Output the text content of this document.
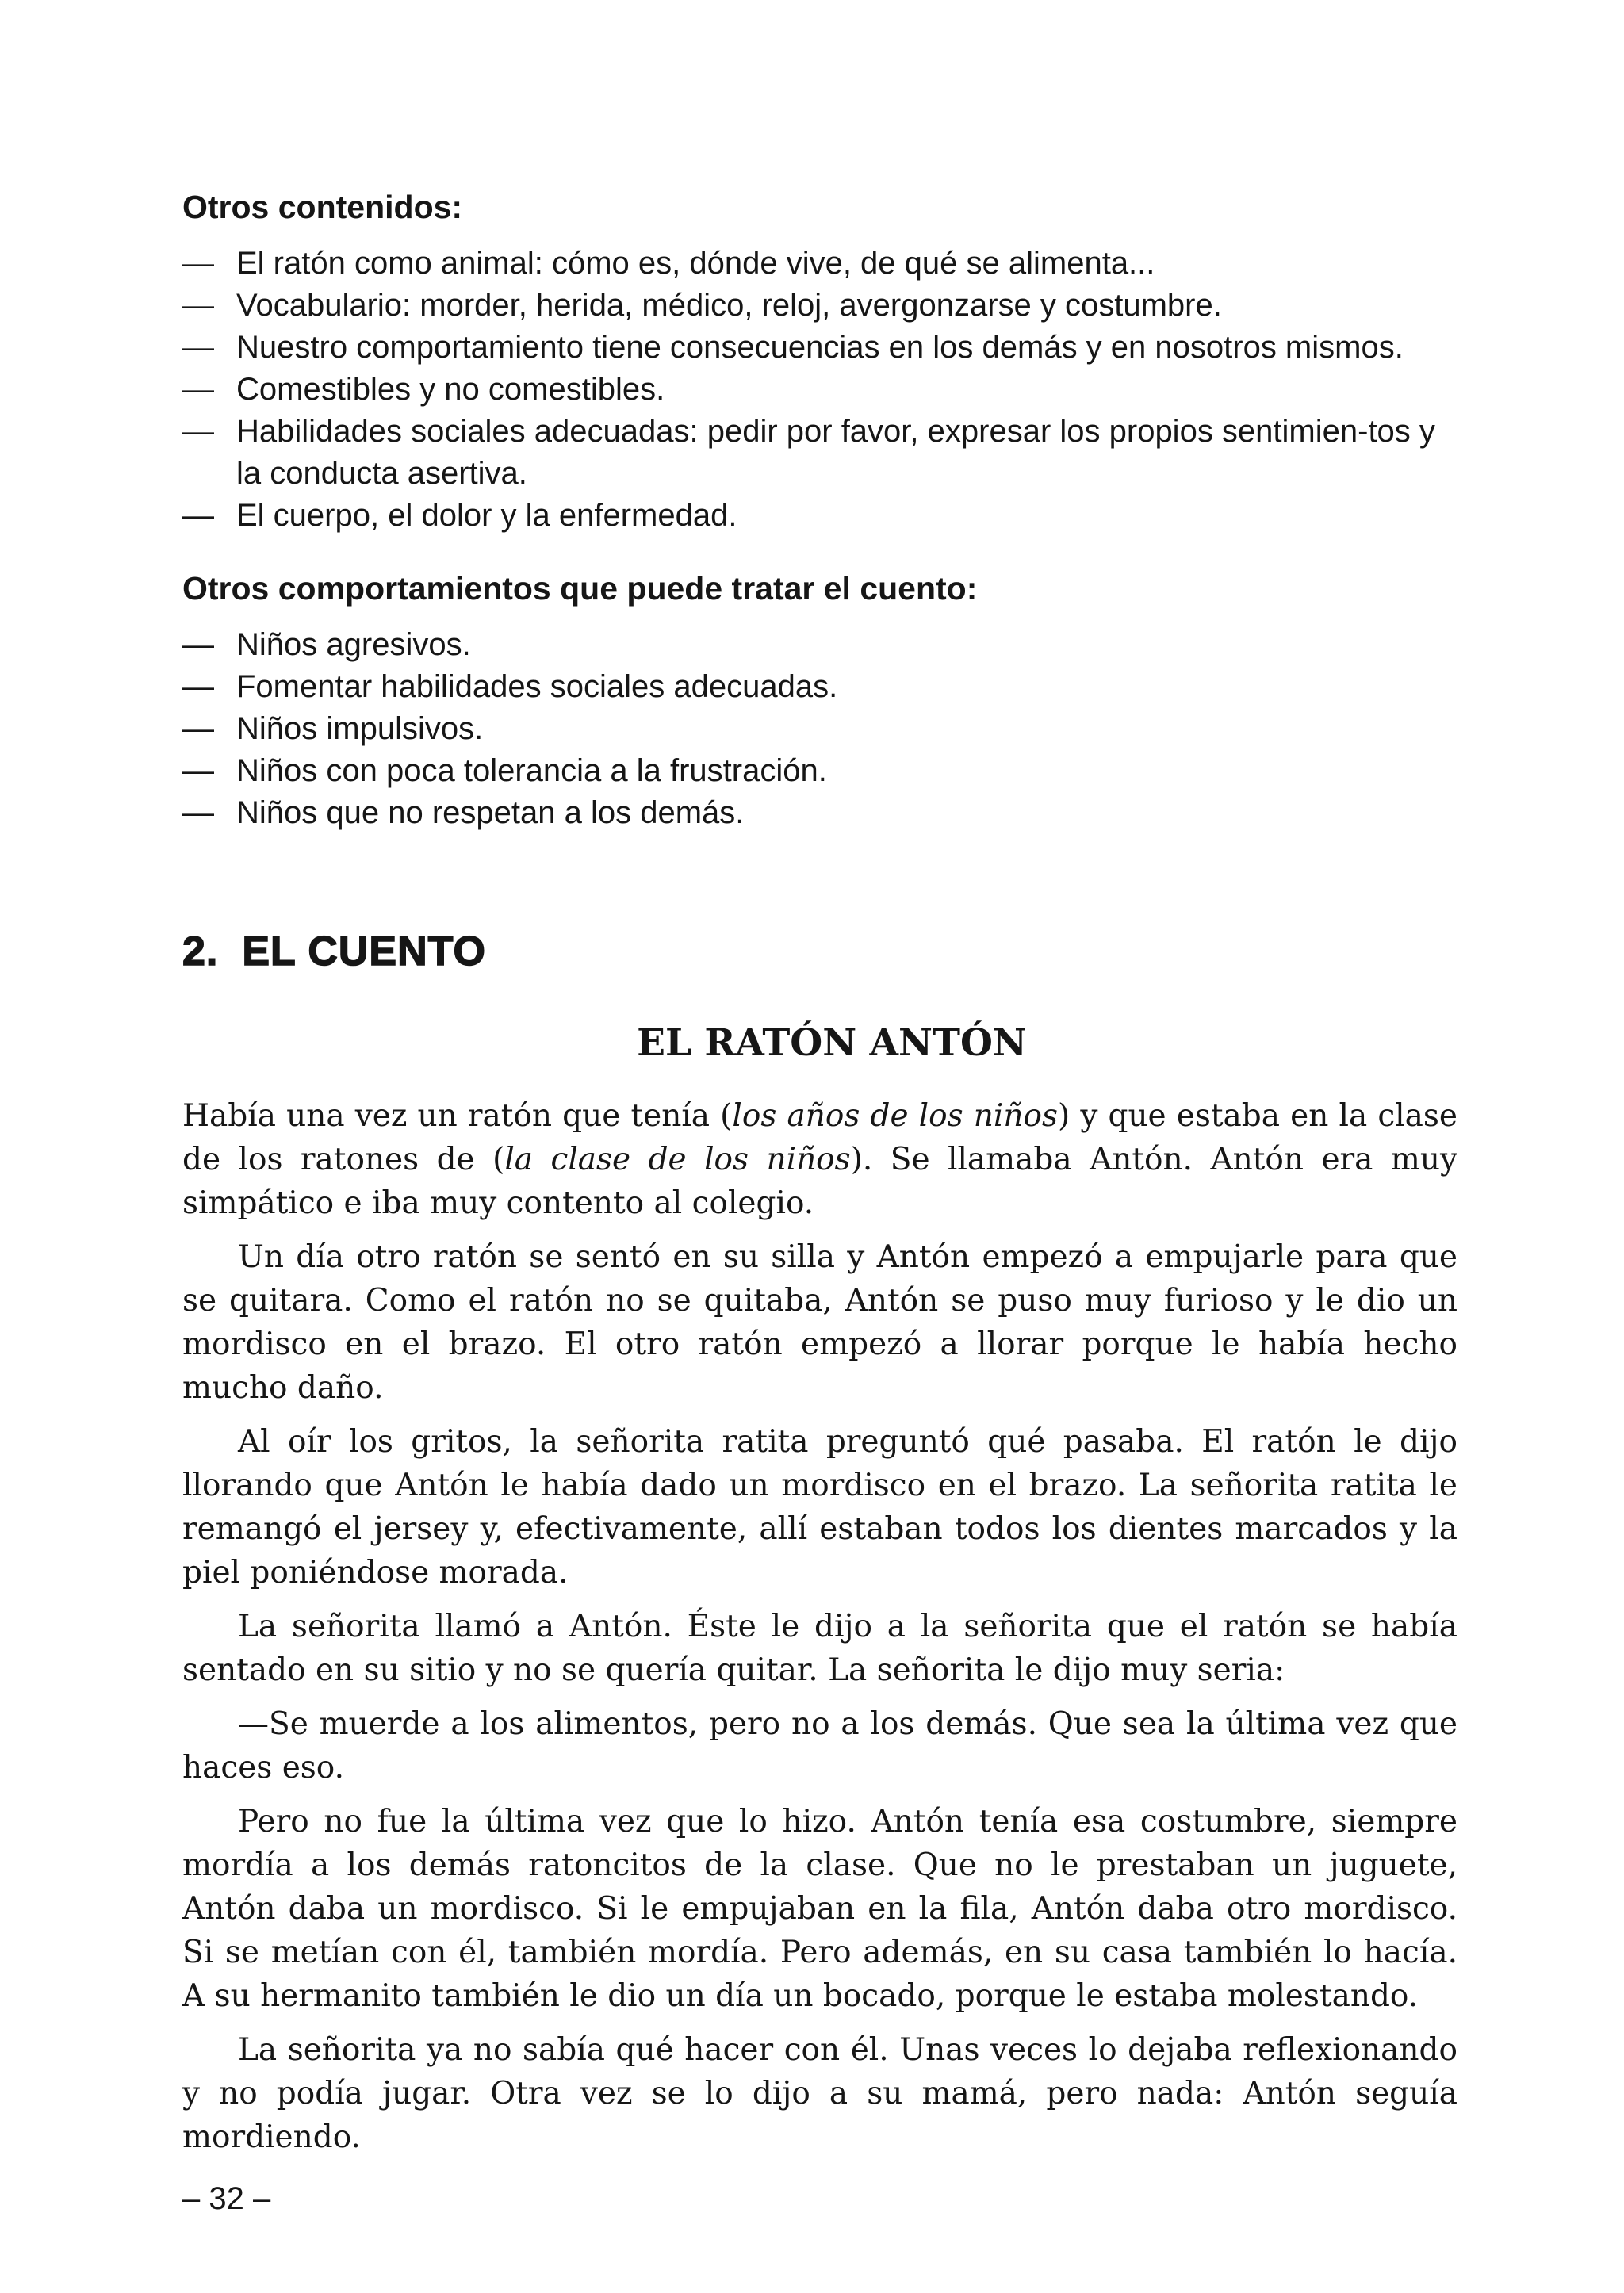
Otros contenidos:
— El ratón como animal: cómo es, dónde vive, de qué se alimenta...
— Vocabulario: morder, herida, médico, reloj, avergonzarse y costumbre.
— Nuestro comportamiento tiene consecuencias en los demás y en nosotros mismos.
— Comestibles y no comestibles.
— Habilidades sociales adecuadas: pedir por favor, expresar los propios sentimien-tos y la conducta asertiva.
— El cuerpo, el dolor y la enfermedad.
Otros comportamientos que puede tratar el cuento:
— Niños agresivos.
— Fomentar habilidades sociales adecuadas.
— Niños impulsivos.
— Niños con poca tolerancia a la frustración.
— Niños que no respetan a los demás.
2. EL CUENTO
EL RATÓN ANTÓN

Había una vez un ratón que tenía (los años de los niños) y que estaba en la clase de los ratones de (la clase de los niños). Se llamaba Antón. Antón era muy simpático e iba muy contento al colegio.

Un día otro ratón se sentó en su silla y Antón empezó a empujarle para que se quitara. Como el ratón no se quitaba, Antón se puso muy furioso y le dio un mordisco en el brazo. El otro ratón empezó a llorar porque le había hecho mucho daño.

Al oír los gritos, la señorita ratita preguntó qué pasaba. El ratón le dijo llorando que Antón le había dado un mordisco en el brazo. La señorita ratita le remangó el jersey y, efectivamente, allí estaban todos los dientes marcados y la piel poniéndose morada.

La señorita llamó a Antón. Éste le dijo a la señorita que el ratón se había sentado en su sitio y no se quería quitar. La señorita le dijo muy seria:

—Se muerde a los alimentos, pero no a los demás. Que sea la última vez que haces eso.

Pero no fue la última vez que lo hizo. Antón tenía esa costumbre, siempre mordía a los demás ratoncitos de la clase. Que no le prestaban un juguete, Antón daba un mordisco. Si le empujaban en la fila, Antón daba otro mordisco. Si se metían con él, también mordía. Pero además, en su casa también lo hacía. A su hermanito también le dio un día un bocado, porque le estaba molestando.

La señorita ya no sabía qué hacer con él. Unas veces lo dejaba reflexionando y no podía jugar. Otra vez se lo dijo a su mamá, pero nada: Antón seguía mordiendo.

– 32 –
